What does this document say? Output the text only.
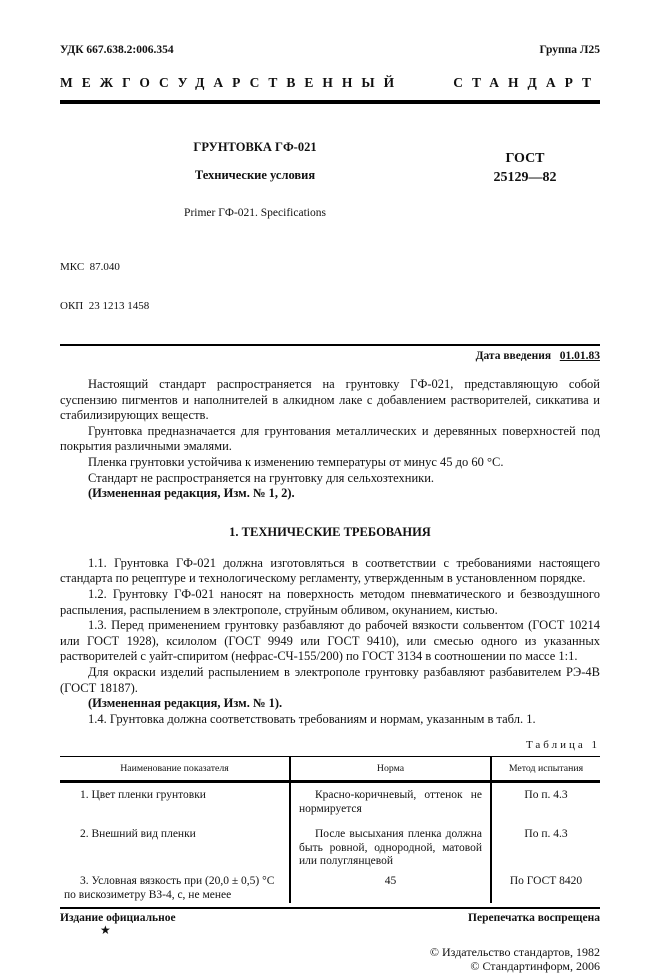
УДК 667.638.2:006.354	Группа Л25
МЕЖГОСУДАРСТВЕННЫЙ	СТАНДАРТ
ГРУНТОВКА ГФ-021
Технические условия
Primer ГФ-021. Specifications
ГОСТ
25129—82

МКС  87.040

ОКП  23 1213 1458

Дата введения 01.01.83

Настоящий стандарт распространяется на грунтовку ГФ-021, представляющую собой суспензию пигментов и наполнителей в алкидном лаке с добавлением растворителей, сиккатива и стабилизирующих веществ.

Грунтовка предназначается для грунтования металлических и деревянных поверхностей под покрытия различными эмалями.

Пленка грунтовки устойчива к изменению температуры от минус 45 до 60 °С.

Стандарт не распространяется на грунтовку для сельхозтехники.

(Измененная редакция, Изм. № 1, 2).

1. ТЕХНИЧЕСКИЕ ТРЕБОВАНИЯ

1.1. Грунтовка ГФ-021 должна изготовляться в соответствии с требованиями настоящего стандарта по рецептуре и технологическому регламенту, утвержденным в установленном порядке.

1.2. Грунтовку ГФ-021 наносят на поверхность методом пневматического и безвоздушного распыления, распылением в электрополе, струйным обливом, окунанием, кистью.

1.3. Перед применением грунтовку разбавляют до рабочей вязкости сольвентом (ГОСТ 10214 или ГОСТ 1928), ксилолом (ГОСТ 9949 или ГОСТ 9410), или смесью одного из указанных растворителей с уайт-спиритом (нефрас-СЧ-155/200) по ГОСТ 3134 в соотношении по массе 1:1.

Для окраски изделий распылением в электрополе грунтовку разбавляют разбавителем РЭ-4В (ГОСТ 18187).

(Измененная редакция, Изм. № 1).

1.4. Грунтовка должна соответствовать требованиям и нормам, указанным в табл. 1.

Таблица 1
Наименование показателя	Норма	Метод испытания
1. Цвет пленки грунтовки	Красно-коричневый, оттенок не нормируется	По п. 4.3
2. Внешний вид пленки	После высыхания пленка должна быть ровной, однородной, матовой или полуглянцевой	По п. 4.3
3. Условная вязкость при (20,0 ± 0,5) °С по вискозиметру ВЗ-4, с, не менее	45	По ГОСТ 8420
Издание официальное	Перепечатка воспрещена
★
© Издательство стандартов, 1982
© Стандартинформ, 2006
